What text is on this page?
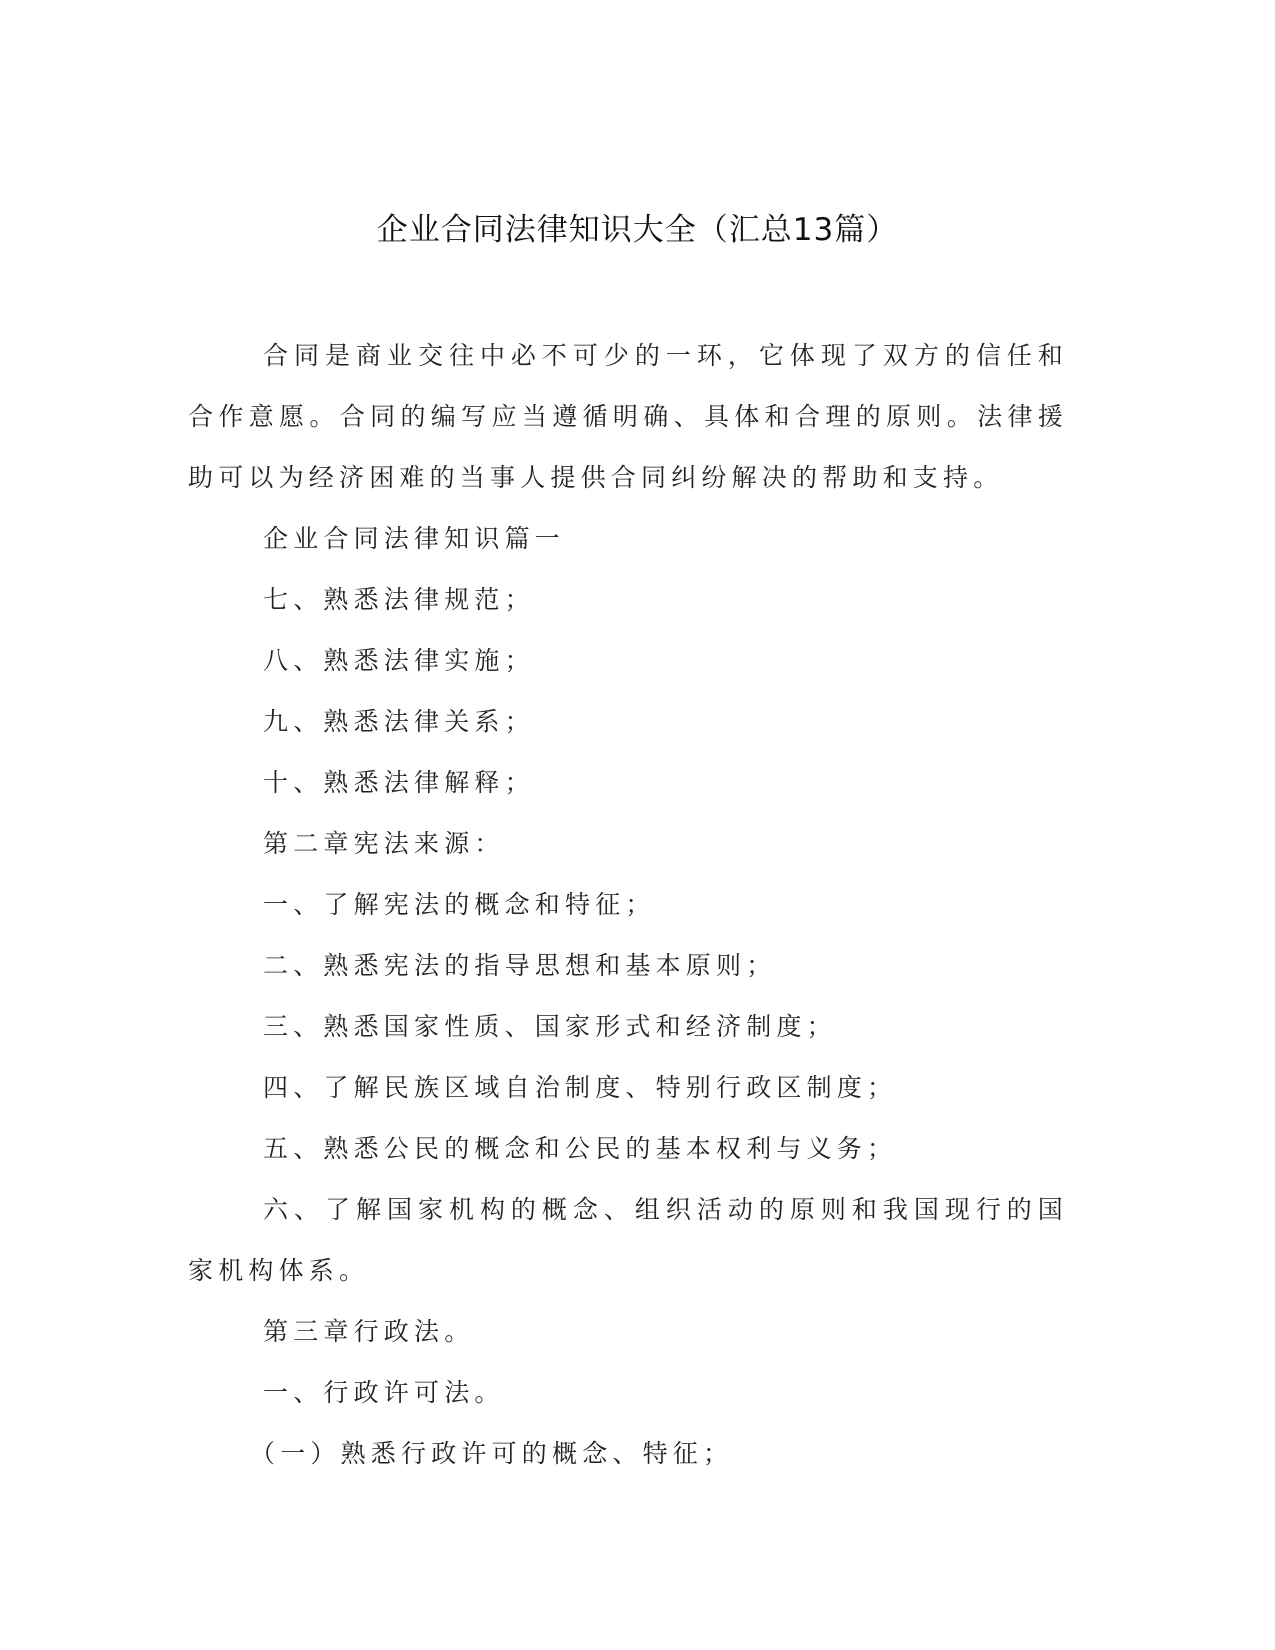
企业合同法律知识大全（汇总13篇）

合同是商业交往中必不可少的一环，它体现了双方的信任和合作意愿。合同的编写应当遵循明确、具体和合理的原则。法律援助可以为经济困难的当事人提供合同纠纷解决的帮助和支持。

企业合同法律知识篇一

七、熟悉法律规范；

八、熟悉法律实施；

九、熟悉法律关系；

十、熟悉法律解释；

第二章宪法来源：

一、了解宪法的概念和特征；

二、熟悉宪法的指导思想和基本原则；

三、熟悉国家性质、国家形式和经济制度；

四、了解民族区域自治制度、特别行政区制度；

五、熟悉公民的概念和公民的基本权利与义务；

六、了解国家机构的概念、组织活动的原则和我国现行的国家机构体系。

第三章行政法。

一、行政许可法。

（一）熟悉行政许可的概念、特征；
